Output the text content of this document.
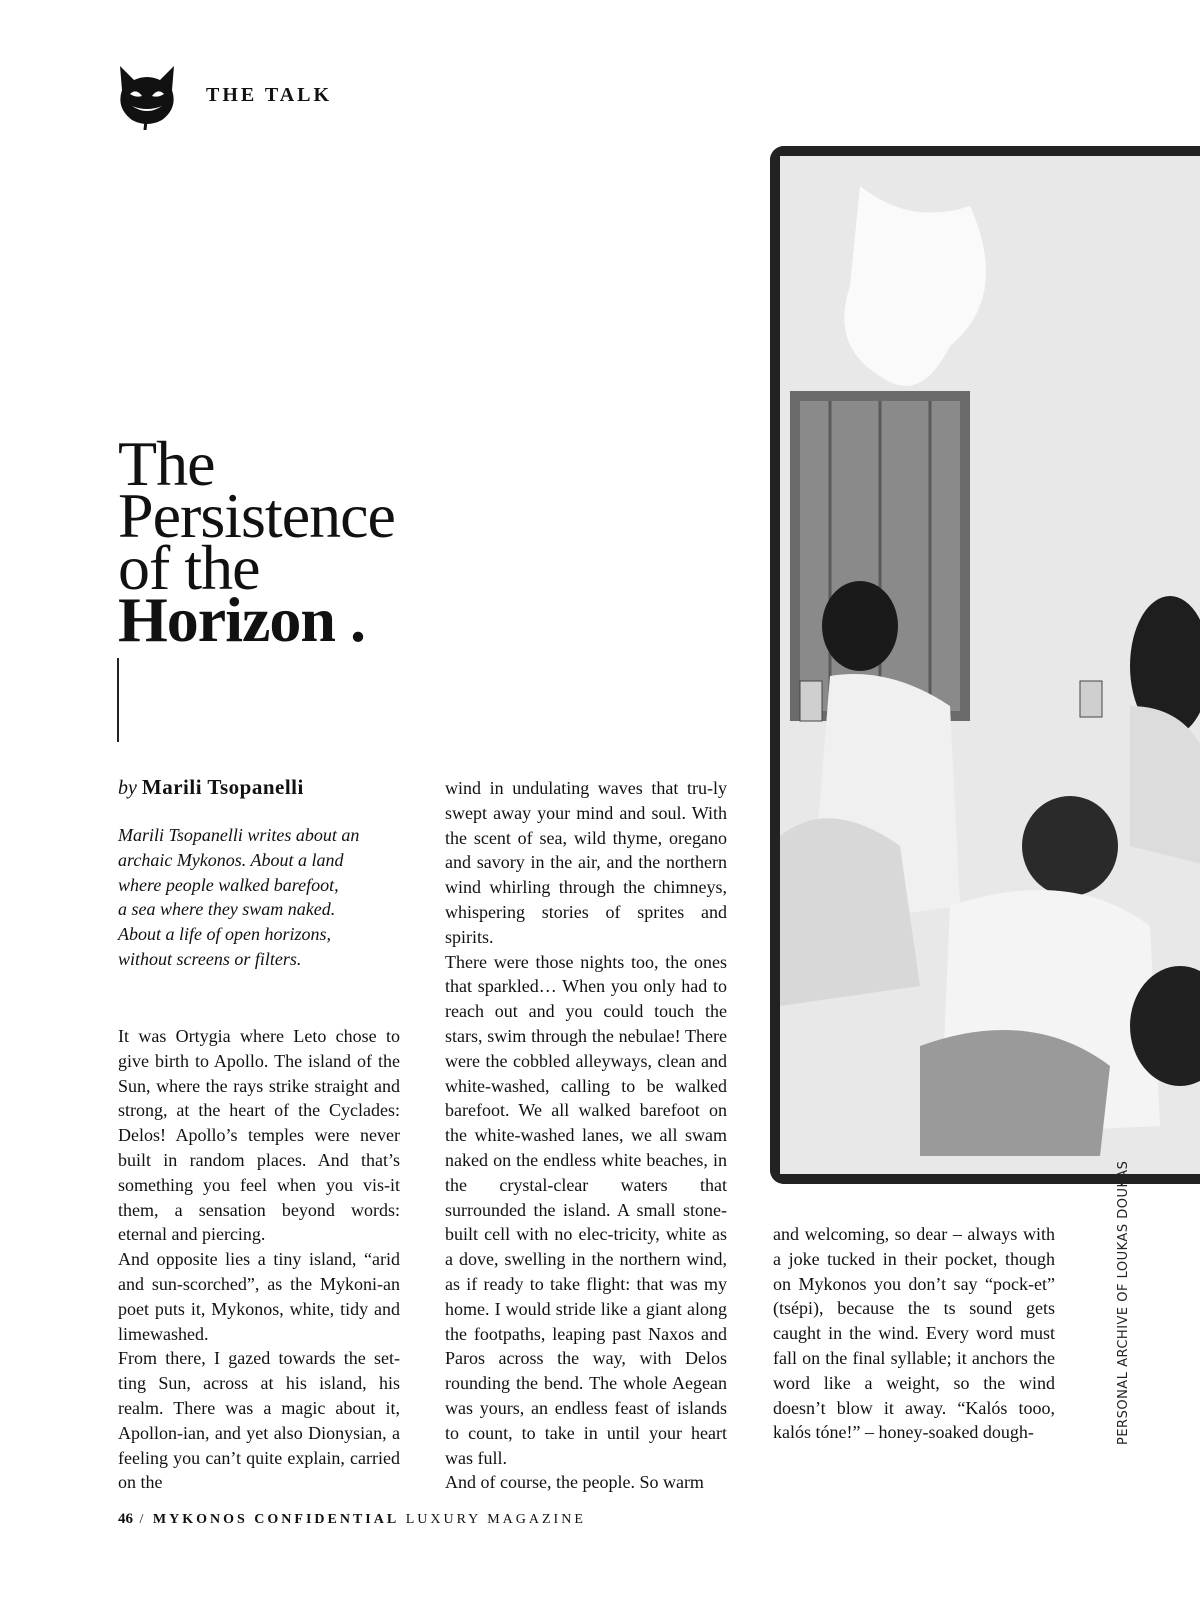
THE TALK
The
Persistence
of the
Horizon .
by Marili Tsopanelli

Marili Tsopanelli writes about an

archaic Mykonos. About a land

where people walked barefoot,

a sea where they swam naked.

About a life of open horizons,

without screens or filters.

It was Ortygia where Leto chose to give birth to Apollo. The island of the Sun, where the rays strike straight and strong, at the heart of the Cyclades: Delos! Apollo’s temples were never built in random places. And that’s something you feel when you vis-it them, a sensation beyond words: eternal and piercing.

And opposite lies a tiny island, “arid and sun-scorched”, as the Mykoni-an poet puts it, Mykonos, white, tidy and limewashed.

From there, I gazed towards the set-ting Sun, across at his island, his realm. There was a magic about it, Apollon-ian, and yet also Dionysian, a feeling you can’t quite explain, carried on the

wind in undulating waves that tru-ly swept away your mind and soul. With the scent of sea, wild thyme, oregano and savory in the air, and the northern wind whirling through the chimneys, whispering stories of sprites and spirits.

There were those nights too, the ones that sparkled… When you only had to reach out and you could touch the stars, swim through the nebulae! There were the cobbled alleyways, clean and white-washed, calling to be walked barefoot. We all walked barefoot on the white-washed lanes, we all swam naked on the endless white beaches, in the crystal-clear waters that surrounded the island. A small stone-built cell with no elec-tricity, white as a dove, swelling in the northern wind, as if ready to take flight: that was my home. I would stride like a giant along the footpaths, leaping past Naxos and Paros across the way, with Delos rounding the bend. The whole Aegean was yours, an endless feast of islands to count, to take in until your heart was full.

And of course, the people. So warm

and welcoming, so dear – always with a joke tucked in their pocket, though on Mykonos you don’t say “pock-et” (tsépi), because the ts sound gets caught in the wind. Every word must fall on the final syllable; it anchors the word like a weight, so the wind doesn’t blow it away. “Kalós tooo, kalós tóne!” – honey-soaked dough-	PERSONAL ARCHIVE OF LOUKAS DOUKAS
46 / MYKONOS CONFIDENTIAL LUXURY MAGAZINE
